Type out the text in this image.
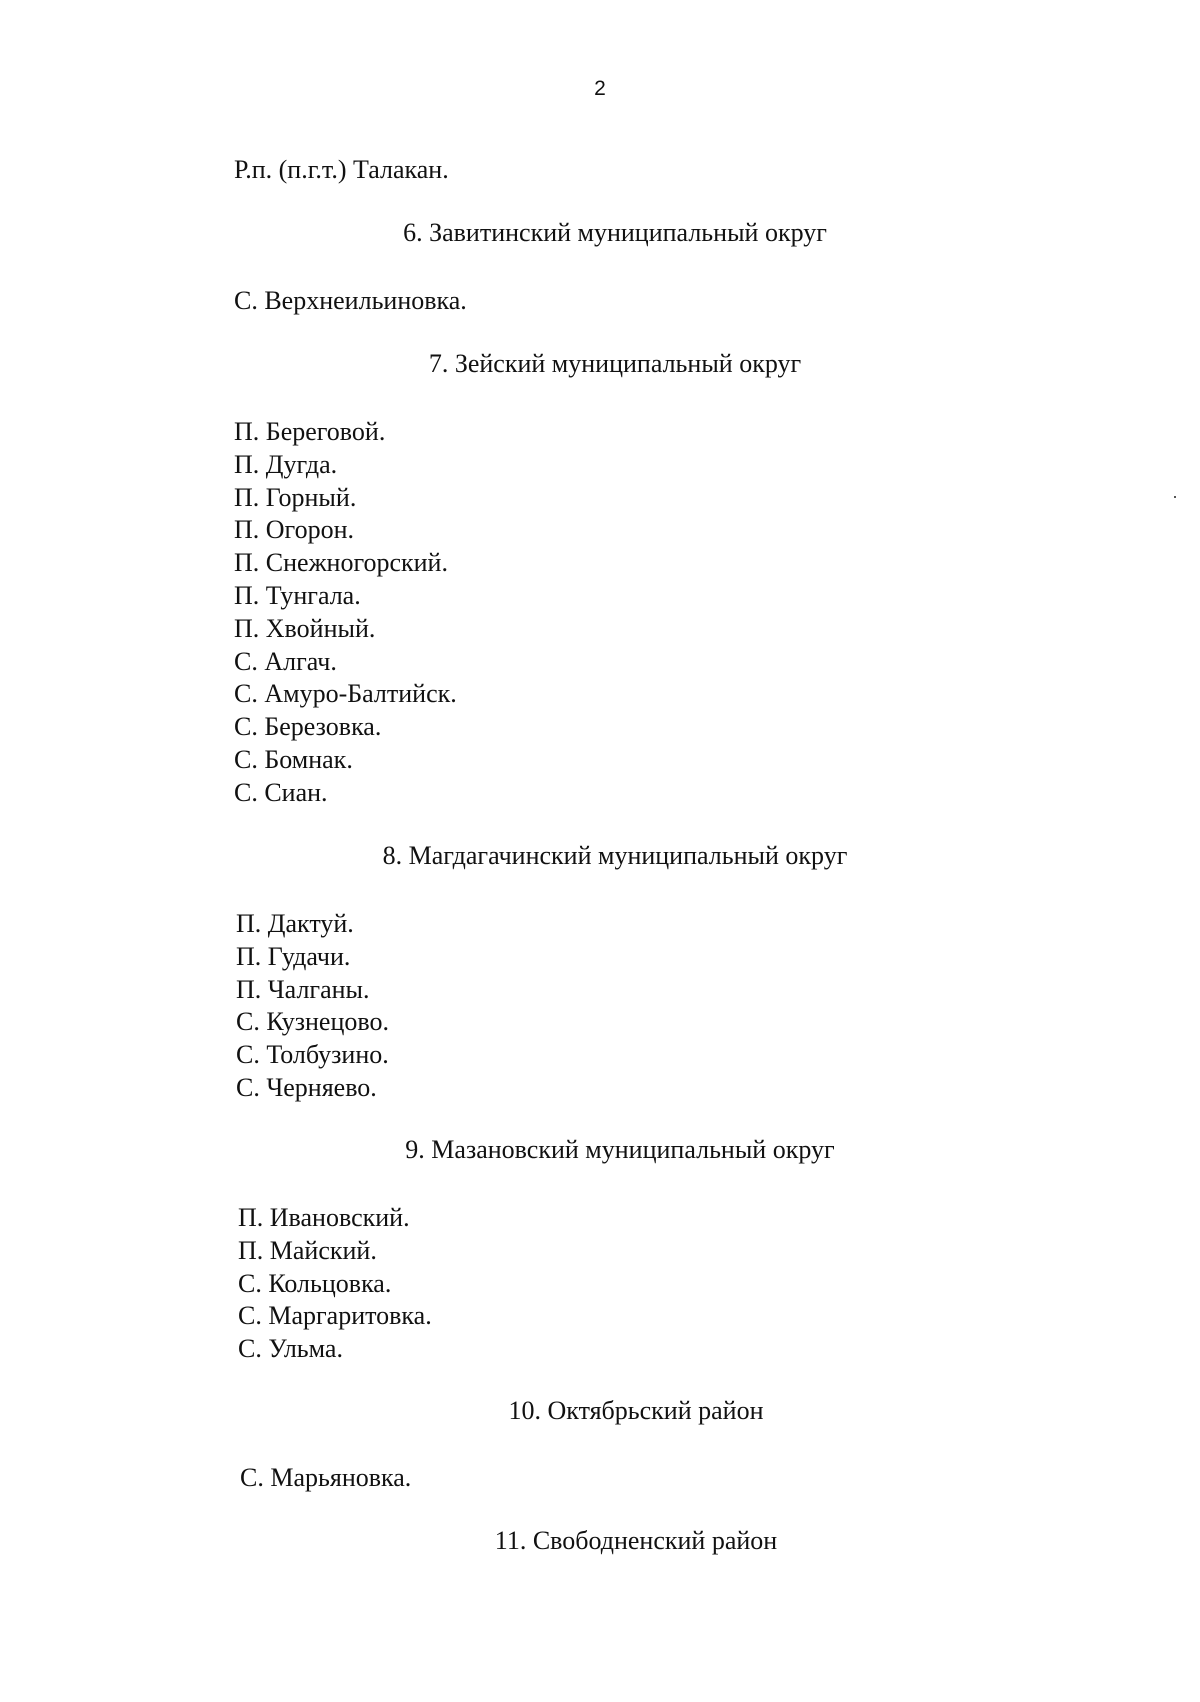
2

Р.п. (п.г.т.) Талакан.

6. Завитинский муниципальный округ

С. Верхнеильиновка.

7. Зейский муниципальный округ
П. Береговой.
П. Дугда.
П. Горный.
П. Огорон.
П. Снежногорский.
П. Тунгала.
П. Хвойный.
С. Алгач.
С. Амуро-Балтийск.
С. Березовка.
С. Бомнак.
С. Сиан.
8. Магдагачинский муниципальный округ
П. Дактуй.
П. Гудачи.
П. Чалганы.
С. Кузнецово.
С. Толбузино.
С. Черняево.
9. Мазановский муниципальный округ
П. Ивановский.
П. Майский.
С. Кольцовка.
С. Маргаритовка.
С. Ульма.
10. Октябрьский район

С. Марьяновка.

11. Свободненский район
